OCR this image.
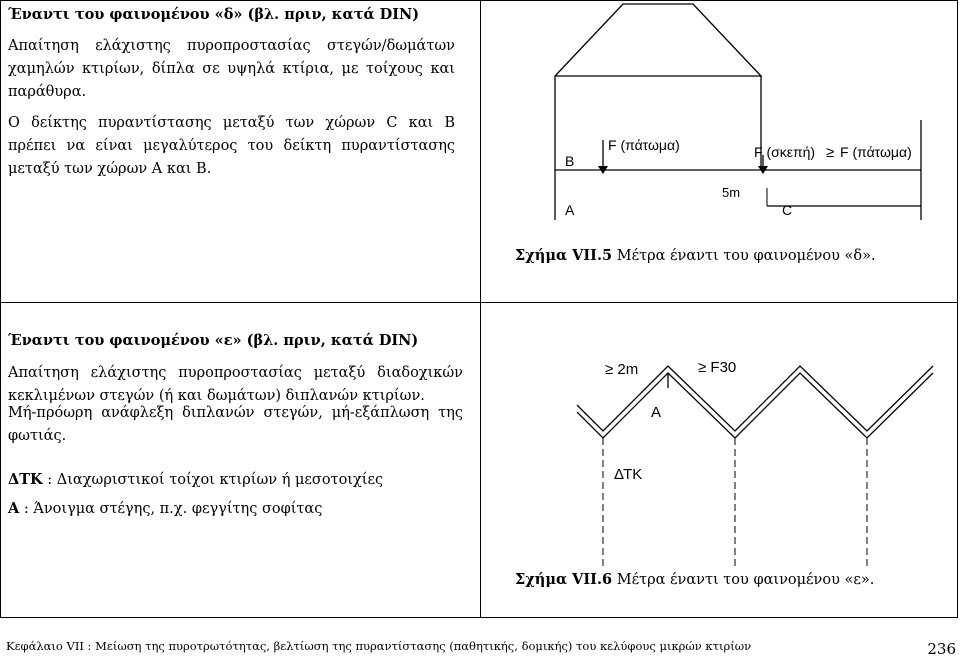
Έναντι του φαινομένου «δ» (βλ. πριν, κατά DIN)
Απαίτηση ελάχιστης πυροπροστασίας στεγών/δωμάτων χαμηλών κτιρίων, δίπλα σε υψηλά κτίρια, με τοίχους και παράθυρα.
Ο δείκτης πυραντίστασης μεταξύ των χώρων C και B πρέπει να είναι μεγαλύτερος του δείκτη πυραντίστασης μεταξύ των χώρων A και B.	B
A	C
5m
F (πάτωμα)	F (σκεπή) ≥ F (πάτωμα)
Σχήμα VII.5 Μέτρα έναντι του φαινομένου «δ».
Έναντι του φαινομένου «ε» (βλ. πριν, κατά DIN)
Απαίτηση ελάχιστης πυροπροστασίας μεταξύ διαδοχικών κεκλιμένων στεγών (ή και δωμάτων) διπλανών κτιρίων.
Μή-πρόωρη ανάφλεξη διπλανών στεγών, μή-εξάπλωση της φωτιάς.
ΔΤΚ : Διαχωριστικοί τοίχοι κτιρίων ή μεσοτοιχίες
Α : Άνοιγμα στέγης, π.χ. φεγγίτης σοφίτας
≥ 2m	≥ F30
A
ΔΤΚ
Σχήμα VII.6 Μέτρα έναντι του φαινομένου «ε».
Κεφάλαιο VII : Μείωση της πυροτρωτότητας, βελτίωση της πυραντίστασης (παθητικής, δομικής) του κελύφους μικρών κτιρίων	236
